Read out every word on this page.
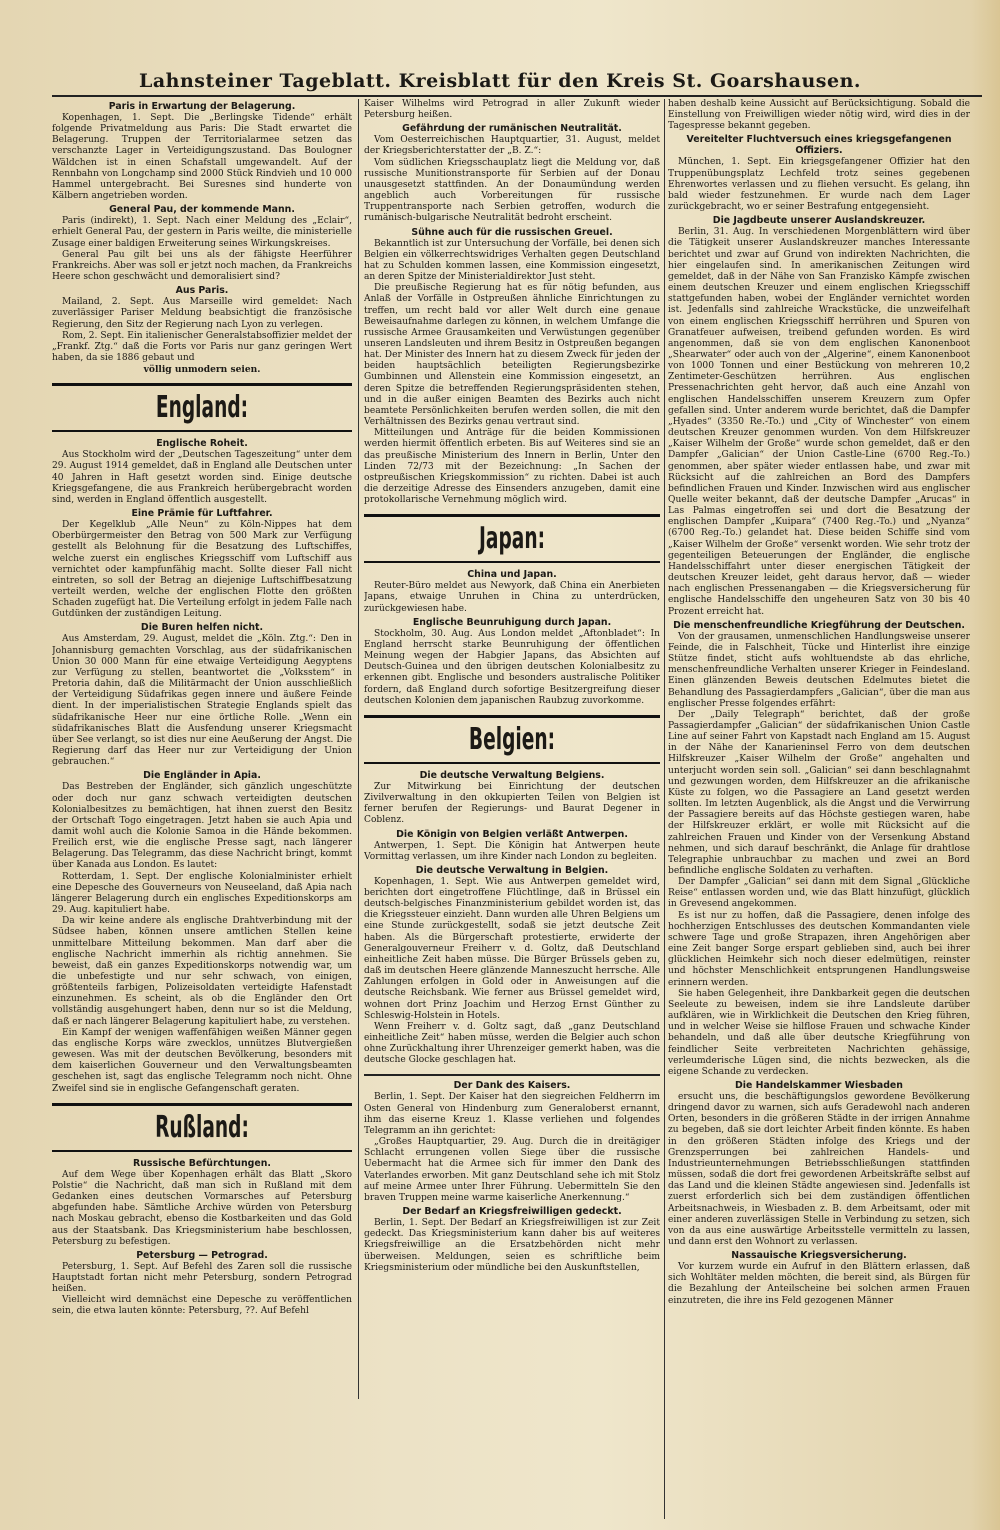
Lahnsteiner Tageblatt. Kreisblatt für den Kreis St. Goarshausen.
Paris in Erwartung der Belagerung.

Kopenhagen, 1. Sept. Die „Berlingske Tidende“ erhält folgende Privatmeldung aus Paris: Die Stadt erwartet die Belagerung. Truppen der Territorialarmee setzen das verschanzte Lager in Verteidigungszustand. Das Boulogner Wäldchen ist in einen Schafstall umgewandelt. Auf der Rennbahn von Longchamp sind 2000 Stück Rindvieh und 10 000 Hammel untergebracht. Bei Suresnes sind hunderte von Kälbern angetrieben worden.

General Pau, der kommende Mann.

Paris (indirekt), 1. Sept. Nach einer Meldung des „Eclair“, erhielt General Pau, der gestern in Paris weilte, die ministerielle Zusage einer baldigen Erweiterung seines Wirkungskreises.

General Pau gilt bei uns als der fähigste Heerführer Frankreichs. Aber was soll er jetzt noch machen, da Frankreichs Heere schon geschwächt und demoralisiert sind?

Aus Paris.

Mailand, 2. Sept. Aus Marseille wird gemeldet: Nach zuverlässiger Pariser Meldung beabsichtigt die französische Regierung, den Sitz der Regierung nach Lyon zu verlegen.

Rom, 2. Sept. Ein italienischer Generalstabsoffizier meldet der „Frankf. Ztg.“ daß die Forts vor Paris nur ganz geringen Wert haben, da sie 1886 gebaut und

völlig unmodern seien.

England:
Englische Roheit.

Aus Stockholm wird der „Deutschen Tageszeitung“ unter dem 29. August 1914 gemeldet, daß in England alle Deutschen unter 40 Jahren in Haft gesetzt worden sind. Einige deutsche Kriegsgefangene, die aus Frankreich herübergebracht worden sind, werden in England öffentlich ausgestellt.

Eine Prämie für Luftfahrer.

Der Kegelklub „Alle Neun“ zu Köln-Nippes hat dem Oberbürgermeister den Betrag von 500 Mark zur Verfügung gestellt als Belohnung für die Besatzung des Luftschiffes, welche zuerst ein englisches Kriegsschiff vom Luftschiff aus vernichtet oder kampfunfähig macht. Sollte dieser Fall nicht eintreten, so soll der Betrag an diejenige Luftschiffbesatzung verteilt werden, welche der englischen Flotte den größten Schaden zugefügt hat. Die Verteilung erfolgt in jedem Falle nach Gutdünken der zuständigen Leitung.

Die Buren helfen nicht.

Aus Amsterdam, 29. August, meldet die „Köln. Ztg.“: Den in Johannisburg gemachten Vorschlag, aus der südafrikanischen Union 30 000 Mann für eine etwaige Verteidigung Aegyptens zur Verfügung zu stellen, beantwortet die „Volksstem“ in Pretoria dahin, daß die Militärmacht der Union ausschließlich der Verteidigung Südafrikas gegen innere und äußere Feinde dient. In der imperialistischen Strategie Englands spielt das südafrikanische Heer nur eine örtliche Rolle. „Wenn ein südafrikanisches Blatt die Ausfendung unserer Kriegsmacht über See verlangt, so ist dies nur eine Aeußerung der Angst. Die Regierung darf das Heer nur zur Verteidigung der Union gebrauchen.“

Die Engländer in Apia.

Das Bestreben der Engländer, sich gänzlich ungeschützte oder doch nur ganz schwach verteidigten deutschen Kolonialbesitzes zu bemächtigen, hat ihnen zuerst den Besitz der Ortschaft Togo eingetragen. Jetzt haben sie auch Apia und damit wohl auch die Kolonie Samoa in die Hände bekommen. Freilich erst, wie die englische Presse sagt, nach längerer Belagerung. Das Telegramm, das diese Nachricht bringt, kommt über Kanada aus London. Es lautet:

Rotterdam, 1. Sept. Der englische Kolonialminister erhielt eine Depesche des Gouverneurs von Neuseeland, daß Apia nach längerer Belagerung durch ein englisches Expeditionskorps am 29. Aug. kapituliert habe.

Da wir keine andere als englische Drahtverbindung mit der Südsee haben, können unsere amtlichen Stellen keine unmittelbare Mitteilung bekommen. Man darf aber die englische Nachricht immerhin als richtig annehmen. Sie beweist, daß ein ganzes Expeditionskorps notwendig war, um die unbefestigte und nur sehr schwach, von einigen, größtenteils farbigen, Polizeisoldaten verteidigte Hafenstadt einzunehmen. Es scheint, als ob die Engländer den Ort vollständig ausgehungert haben, denn nur so ist die Meldung, daß er nach längerer Belagerung kapituliert habe, zu verstehen.

Ein Kampf der wenigen waffenfähigen weißen Männer gegen das englische Korps wäre zwecklos, unnützes Blutvergießen gewesen. Was mit der deutschen Bevölkerung, besonders mit dem kaiserlichen Gouverneur und den Verwaltungsbeamten geschehen ist, sagt das englische Telegramm noch nicht. Ohne Zweifel sind sie in englische Gefangenschaft geraten.

Rußland:
Russische Befürchtungen.

Auf dem Wege über Kopenhagen erhält das Blatt „Skoro Polstie“ die Nachricht, daß man sich in Rußland mit dem Gedanken eines deutschen Vormarsches auf Petersburg abgefunden habe. Sämtliche Archive würden von Petersburg nach Moskau gebracht, ebenso die Kostbarkeiten und das Gold aus der Staatsbank. Das Kriegsministerium habe beschlossen, Petersburg zu befestigen.

Petersburg — Petrograd.

Petersburg, 1. Sept. Auf Befehl des Zaren soll die russische Hauptstadt fortan nicht mehr Petersburg, sondern Petrograd heißen.

Vielleicht wird demnächst eine Depesche zu veröffentlichen sein, die etwa lauten könnte: Petersburg, ??. Auf Befehl

Kaiser Wilhelms wird Petrograd in aller Zukunft wieder Petersburg heißen.

Gefährdung der rumänischen Neutralität.

Vom Oesterreichischen Hauptquartier, 31. August, meldet der Kriegsberichterstatter der „B. Z.“:

Vom südlichen Kriegsschauplatz liegt die Meldung vor, daß russische Munitionstransporte für Serbien auf der Donau unausgesetzt stattfinden. An der Donaumündung werden angeblich auch Vorbereitungen für russische Truppentransporte nach Serbien getroffen, wodurch die rumänisch-bulgarische Neutralität bedroht erscheint.

Sühne auch für die russischen Greuel.

Bekanntlich ist zur Untersuchung der Vorfälle, bei denen sich Belgien ein völkerrechtswidriges Verhalten gegen Deutschland hat zu Schulden kommen lassen, eine Kommission eingesetzt, an deren Spitze der Ministerialdirektor Just steht.

Die preußische Regierung hat es für nötig befunden, aus Anlaß der Vorfälle in Ostpreußen ähnliche Einrichtungen zu treffen, um recht bald vor aller Welt durch eine genaue Beweisaufnahme darlegen zu können, in welchem Umfange die russische Armee Grausamkeiten und Verwüstungen gegenüber unseren Landsleuten und ihrem Besitz in Ostpreußen begangen hat. Der Minister des Innern hat zu diesem Zweck für jeden der beiden hauptsächlich beteiligten Regierungsbezirke Gumbinnen und Allenstein eine Kommission eingesetzt, an deren Spitze die betreffenden Regierungspräsidenten stehen, und in die außer einigen Beamten des Bezirks auch nicht beamtete Persönlichkeiten berufen werden sollen, die mit den Verhältnissen des Bezirks genau vertraut sind.

Mitteilungen und Anträge für die beiden Kommissionen werden hiermit öffentlich erbeten. Bis auf Weiteres sind sie an das preußische Ministerium des Innern in Berlin, Unter den Linden 72/73 mit der Bezeichnung: „In Sachen der ostpreußischen Kriegskommission“ zu richten. Dabei ist auch die derzeitige Adresse des Einsenders anzugeben, damit eine protokollarische Vernehmung möglich wird.

Japan:
China und Japan.

Reuter-Büro meldet aus Newyork, daß China ein Anerbieten Japans, etwaige Unruhen in China zu unterdrücken, zurückgewiesen habe.

Englische Beunruhigung durch Japan.

Stockholm, 30. Aug. Aus London meldet „Aftonbladet“: In England herrscht starke Beunruhigung der öffentlichen Meinung wegen der Habgier Japans, das Absichten auf Deutsch-Guinea und den übrigen deutschen Kolonialbesitz zu erkennen gibt. Englische und besonders australische Politiker fordern, daß England durch sofortige Besitzergreifung dieser deutschen Kolonien dem japanischen Raubzug zuvorkomme.

Belgien:
Die deutsche Verwaltung Belgiens.

Zur Mitwirkung bei Einrichtung der deutschen Zivilverwaltung in den okkupierten Teilen von Belgien ist ferner berufen der Regierungs- und Baurat Degener in Coblenz.

Die Königin von Belgien verläßt Antwerpen.

Antwerpen, 1. Sept. Die Königin hat Antwerpen heute Vormittag verlassen, um ihre Kinder nach London zu begleiten.

Die deutsche Verwaltung in Belgien.

Kopenhagen, 1. Sept. Wie aus Antwerpen gemeldet wird, berichten dort eingetroffene Flüchtlinge, daß in Brüssel ein deutsch-belgisches Finanzministerium gebildet worden ist, das die Kriegssteuer einzieht. Dann wurden alle Uhren Belgiens um eine Stunde zurückgestellt, sodaß sie jetzt deutsche Zeit haben. Als die Bürgerschaft protestierte, erwiderte der Generalgouverneur Freiherr v. d. Goltz, daß Deutschland einheitliche Zeit haben müsse. Die Bürger Brüssels geben zu, daß im deutschen Heere glänzende Manneszucht herrsche. Alle Zahlungen erfolgen in Gold oder in Anweisungen auf die deutsche Reichsbank. Wie ferner aus Brüssel gemeldet wird, wohnen dort Prinz Joachim und Herzog Ernst Günther zu Schleswig-Holstein in Hotels.

Wenn Freiherr v. d. Goltz sagt, daß „ganz Deutschland einheitliche Zeit“ haben müsse, werden die Belgier auch schon ohne Zurückhaltung ihrer Uhrenzeiger gemerkt haben, was die deutsche Glocke geschlagen hat.

Der Dank des Kaisers.

Berlin, 1. Sept. Der Kaiser hat den siegreichen Feldherrn im Osten General von Hindenburg zum Generaloberst ernannt, ihm das eiserne Kreuz 1. Klasse verliehen und folgendes Telegramm an ihn gerichtet:

„Großes Hauptquartier, 29. Aug. Durch die in dreitägiger Schlacht errungenen vollen Siege über die russische Uebermacht hat die Armee sich für immer den Dank des Vaterlandes erworben. Mit ganz Deutschland sehe ich mit Stolz auf meine Armee unter Ihrer Führung. Uebermitteln Sie den braven Truppen meine warme kaiserliche Anerkennung.“

Der Bedarf an Kriegsfreiwilligen gedeckt.

Berlin, 1. Sept. Der Bedarf an Kriegsfreiwilligen ist zur Zeit gedeckt. Das Kriegsministerium kann daher bis auf weiteres Kriegsfreiwillige an die Ersatzbehörden nicht mehr überweisen. Meldungen, seien es schriftliche beim Kriegsministerium oder mündliche bei den Auskunftstellen,

haben deshalb keine Aussicht auf Berücksichtigung. Sobald die Einstellung von Freiwilligen wieder nötig wird, wird dies in der Tagespresse bekannt gegeben.

Vereitelter Fluchtversuch eines kriegsgefangenen Offiziers.

München, 1. Sept. Ein kriegsgefangener Offizier hat den Truppenübungsplatz Lechfeld trotz seines gegebenen Ehrenwortes verlassen und zu fliehen versucht. Es gelang, ihn bald wieder festzunehmen. Er wurde nach dem Lager zurückgebracht, wo er seiner Bestrafung entgegensieht.

Die Jagdbeute unserer Auslandskreuzer.

Berlin, 31. Aug. In verschiedenen Morgenblättern wird über die Tätigkeit unserer Auslandskreuzer manches Interessante berichtet und zwar auf Grund von indirekten Nachrichten, die hier eingelaufen sind. In amerikanischen Zeitungen wird gemeldet, daß in der Nähe von San Franzisko Kämpfe zwischen einem deutschen Kreuzer und einem englischen Kriegsschiff stattgefunden haben, wobei der Engländer vernichtet worden ist. Jedenfalls sind zahlreiche Wrackstücke, die unzweifelhaft von einem englischen Kriegsschiff herrühren und Spuren von Granatfeuer aufweisen, treibend gefunden worden. Es wird angenommen, daß sie von dem englischen Kanonenboot „Shearwater“ oder auch von der „Algerine“, einem Kanonenboot von 1000 Tonnen und einer Bestückung von mehreren 10,2 Zentimeter-Geschützen herrühren. Aus englischen Pressenachrichten geht hervor, daß auch eine Anzahl von englischen Handelsschiffen unserem Kreuzern zum Opfer gefallen sind. Unter anderem wurde berichtet, daß die Dampfer „Hyades“ (3350 Re.-To.) und „City of Winchester“ von einem deutschen Kreuzer genommen wurden. Von dem Hilfskreuzer „Kaiser Wilhelm der Große“ wurde schon gemeldet, daß er den Dampfer „Galician“ der Union Castle-Line (6700 Reg.-To.) genommen, aber später wieder entlassen habe, und zwar mit Rücksicht auf die zahlreichen an Bord des Dampfers befindlichen Frauen und Kinder. Inzwischen wird aus englischer Quelle weiter bekannt, daß der deutsche Dampfer „Arucas“ in Las Palmas eingetroffen sei und dort die Besatzung der englischen Dampfer „Kuipara“ (7400 Reg.-To.) und „Nyanza“ (6700 Reg.-To.) gelandet hat. Diese beiden Schiffe sind vom „Kaiser Wilhelm der Große“ versenkt worden. Wie sehr trotz der gegenteiligen Beteuerungen der Engländer, die englische Handelsschiffahrt unter dieser energischen Tätigkeit der deutschen Kreuzer leidet, geht daraus hervor, daß — wieder nach englischen Pressenangaben — die Kriegsversicherung für englische Handelsschiffe den ungeheuren Satz von 30 bis 40 Prozent erreicht hat.

Die menschenfreundliche Kriegführung der Deutschen.

Von der grausamen, unmenschlichen Handlungsweise unserer Feinde, die in Falschheit, Tücke und Hinterlist ihre einzige Stütze findet, sticht aufs wohltuendste ab das ehrliche, menschenfreundliche Verhalten unserer Krieger in Feindesland. Einen glänzenden Beweis deutschen Edelmutes bietet die Behandlung des Passagierdampfers „Galician“, über die man aus englischer Presse folgendes erfährt:

Der „Daily Telegraph“ berichtet, daß der große Passagierdampfer „Galician“ der südafrikanischen Union Castle Line auf seiner Fahrt von Kapstadt nach England am 15. August in der Nähe der Kanarieninsel Ferro von dem deutschen Hilfskreuzer „Kaiser Wilhelm der Große“ angehalten und unterjucht worden sein soll. „Galician“ sei dann beschlagnahmt und gezwungen worden, dem Hilfskreuzer an die afrikanische Küste zu folgen, wo die Passagiere an Land gesetzt werden sollten. Im letzten Augenblick, als die Angst und die Verwirrung der Passagiere bereits auf das Höchste gestiegen waren, habe der Hilfskreuzer erklärt, er wolle mit Rücksicht auf die zahlreichen Frauen und Kinder von der Versenkung Abstand nehmen, und sich darauf beschränkt, die Anlage für drahtlose Telegraphie unbrauchbar zu machen und zwei an Bord befindliche englische Soldaten zu verhaften.

Der Dampfer „Galician“ sei dann mit dem Signal „Glückliche Reise“ entlassen worden und, wie das Blatt hinzufügt, glücklich in Grevesend angekommen.

Es ist nur zu hoffen, daß die Passagiere, denen infolge des hochherzigen Entschlusses des deutschen Kommandanten viele schwere Tage und große Strapazen, ihren Angehörigen aber eine Zeit banger Sorge erspart geblieben sind, auch bei ihrer glücklichen Heimkehr sich noch dieser edelmütigen, reinster und höchster Menschlichkeit entsprungenen Handlungsweise erinnern werden.

Sie haben Gelegenheit, ihre Dankbarkeit gegen die deutschen Seeleute zu beweisen, indem sie ihre Landsleute darüber aufklären, wie in Wirklichkeit die Deutschen den Krieg führen, und in welcher Weise sie hilflose Frauen und schwache Kinder behandeln, und daß alle über deutsche Kriegführung von feindlicher Seite verbreiteten Nachrichten gehässige, verleumderische Lügen sind, die nichts bezwecken, als die eigene Schande zu verdecken.

Die Handelskammer Wiesbaden

ersucht uns, die beschäftigungslos gewordene Bevölkerung dringend davor zu warnen, sich aufs Geradewohl nach anderen Orten, besonders in die größeren Städte in der irrigen Annahme zu begeben, daß sie dort leichter Arbeit finden könnte. Es haben in den größeren Städten infolge des Kriegs und der Grenzsperrungen bei zahlreichen Handels- und Industrieunternehmungen Betriebsschließungen stattfinden müssen, sodaß die dort frei gewordenen Arbeitskräfte selbst auf das Land und die kleinen Städte angewiesen sind. Jedenfalls ist zuerst erforderlich sich bei dem zuständigen öffentlichen Arbeitsnachweis, in Wiesbaden z. B. dem Arbeitsamt, oder mit einer anderen zuverlässigen Stelle in Verbindung zu setzen, sich von da aus eine auswärtige Arbeitsstelle vermitteln zu lassen, und dann erst den Wohnort zu verlassen.

Nassauische Kriegsversicherung.

Vor kurzem wurde ein Aufruf in den Blättern erlassen, daß sich Wohltäter melden möchten, die bereit sind, als Bürgen für die Bezahlung der Anteilscheine bei solchen armen Frauen einzutreten, die ihre ins Feld gezogenen Männer
